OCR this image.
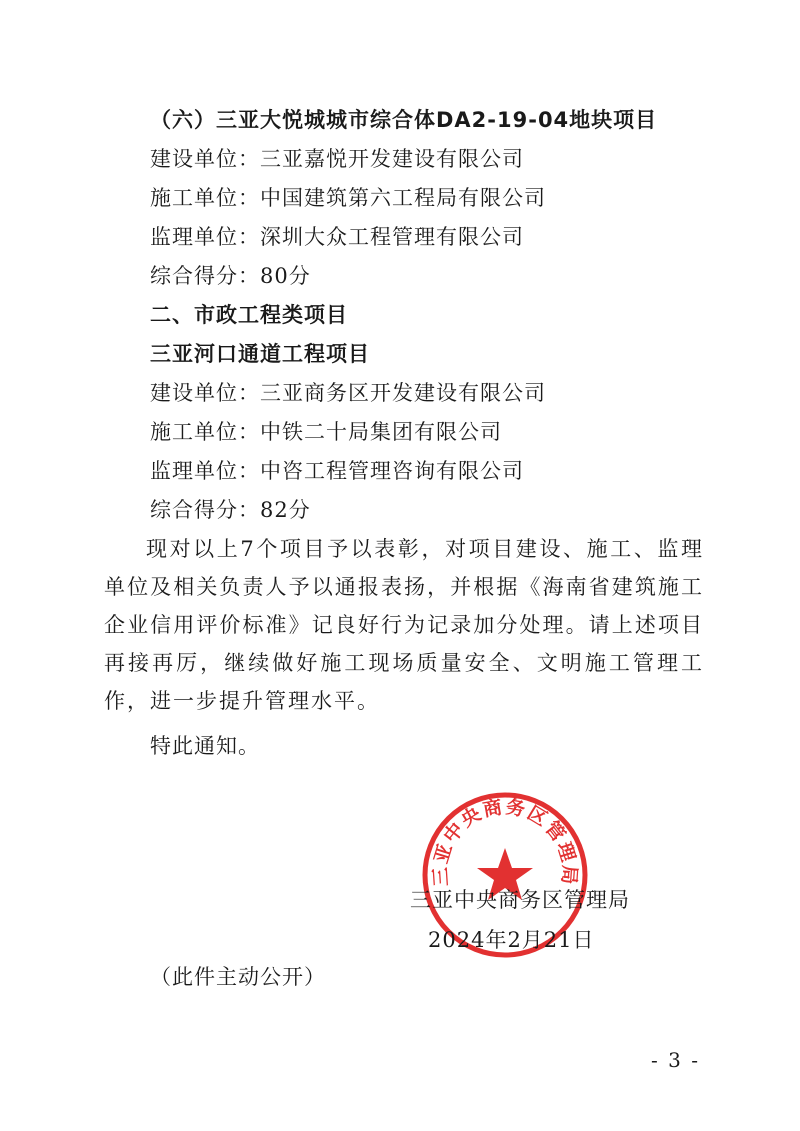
（六）三亚大悦城城市综合体DA2-19-04地块项目
建设单位：三亚嘉悦开发建设有限公司
施工单位：中国建筑第六工程局有限公司
监理单位：深圳大众工程管理有限公司
综合得分：80分
二、市政工程类项目
三亚河口通道工程项目
建设单位：三亚商务区开发建设有限公司
施工单位：中铁二十局集团有限公司
监理单位：中咨工程管理咨询有限公司
综合得分：82分
现对以上7个项目予以表彰，对项目建设、施工、监理单位及相关负责人予以通报表扬，并根据《海南省建筑施工企业信用评价标准》记良好行为记录加分处理。请上述项目再接再厉，继续做好施工现场质量安全、文明施工管理工作，进一步提升管理水平。
特此通知。
三亚中央商务区管理局
三亚中央商务区管理局
2024年2月21日
（此件主动公开）
- 3 -
